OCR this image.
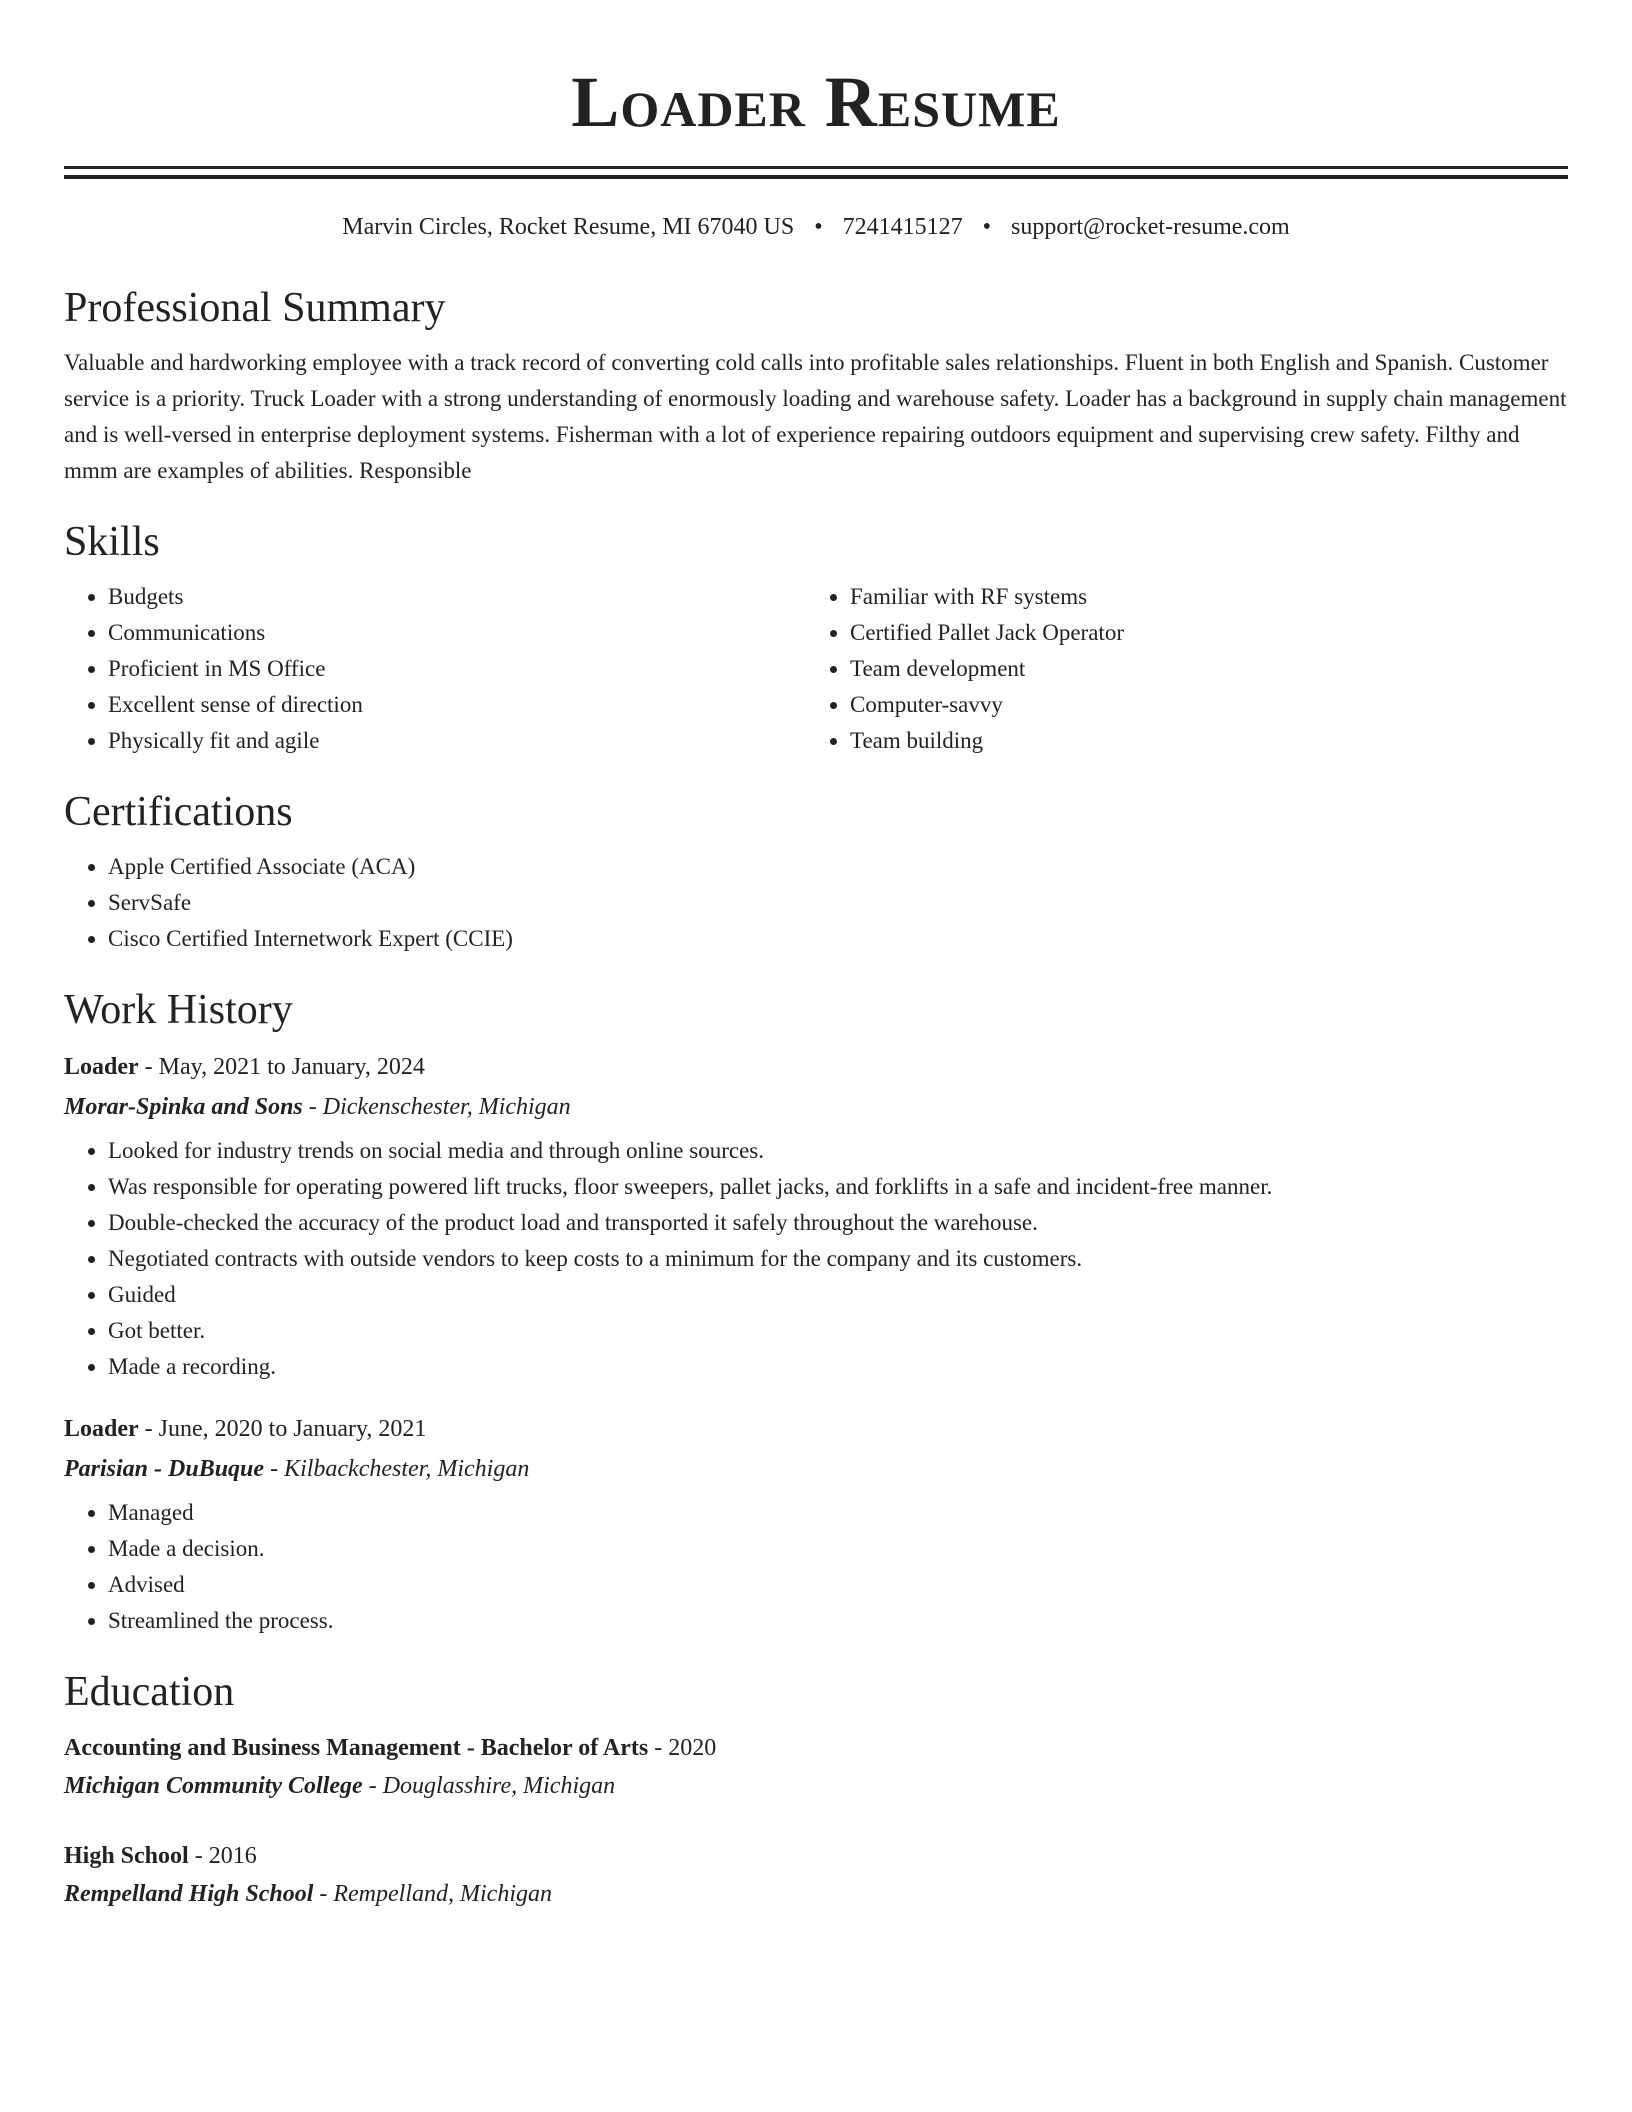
Loader Resume
Marvin Circles, Rocket Resume, MI 67040 US • 7241415127 • support@rocket-resume.com
Professional Summary

Valuable and hardworking employee with a track record of converting cold calls into profitable sales relationships. Fluent in both English and Spanish. Customer service is a priority. Truck Loader with a strong understanding of enormously loading and warehouse safety. Loader has a background in supply chain management and is well-versed in enterprise deployment systems. Fisherman with a lot of experience repairing outdoors equipment and supervising crew safety. Filthy and mmm are examples of abilities. Responsible

Skills
• Budgets
• Communications
• Proficient in MS Office
• Excellent sense of direction
• Physically fit and agile
• Familiar with RF systems
• Certified Pallet Jack Operator
• Team development
• Computer-savvy
• Team building
Certifications
• Apple Certified Associate (ACA)
• ServSafe
• Cisco Certified Internetwork Expert (CCIE)
Work History
Loader - May, 2021 to January, 2024
Morar-Spinka and Sons - Dickenschester, Michigan
• Looked for industry trends on social media and through online sources.
• Was responsible for operating powered lift trucks, floor sweepers, pallet jacks, and forklifts in a safe and incident-free manner.
• Double-checked the accuracy of the product load and transported it safely throughout the warehouse.
• Negotiated contracts with outside vendors to keep costs to a minimum for the company and its customers.
• Guided
• Got better.
• Made a recording.
Loader - June, 2020 to January, 2021
Parisian - DuBuque - Kilbackchester, Michigan
• Managed
• Made a decision.
• Advised
• Streamlined the process.
Education
Accounting and Business Management - Bachelor of Arts - 2020
Michigan Community College - Douglasshire, Michigan
High School - 2016
Rempelland High School - Rempelland, Michigan
